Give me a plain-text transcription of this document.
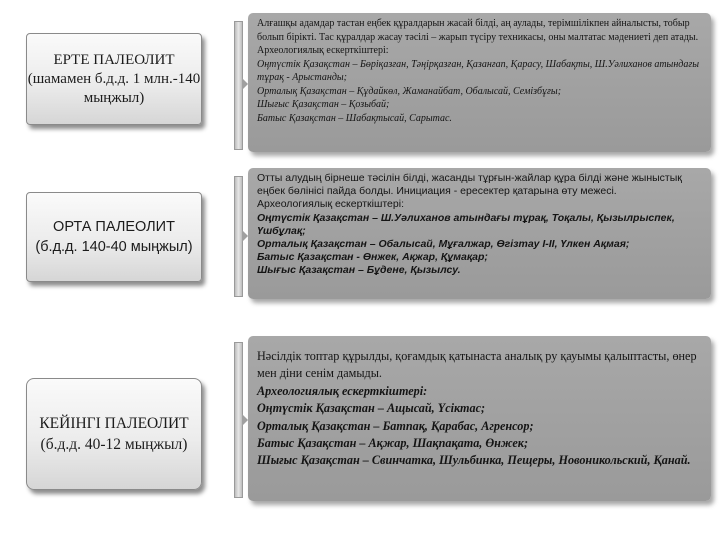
ЕРТЕ ПАЛЕОЛИТ
(шамамен б.д.д. 1 млн.-140 мыңжыл)

Алғашқы адамдар тастан еңбек құралдарын жасай білді, аң аулады, терімшілікпен айналысты, тобыр болып бірікті. Тас құралдар жасау тәсілі – жарып түсіру техникасы, оны малтатас мәдениеті деп атады.

Археологиялық ескерткіштері:

Оңтүстік Қазақстан – Бөріқазған, Тәңірқазған, Қазанғап, Қарасу, Шабақты, Ш.Уәлиханов атындағы тұрақ - Арыстанды;

Орталық Қазақстан – Құдайкөл, Жаманайбат, Обалысай, Семізбұғы;

Шығыс Қазақстан – Қозыбай;

Батыс Қазақстан – Шабақтысай, Сарытас.

ОРТА ПАЛЕОЛИТ
(б.д.д. 140-40 мыңжыл)

Отты алудың бірнеше тәсілін білді, жасанды тұрғын-жайлар құра білді және жыныстық еңбек бөлінісі пайда болды. Инициация - ересектер қатарына өту межесі.

Археологиялық ескерткіштері:

Оңтүстік Қазақстан – Ш.Уәлиханов атындағы тұрақ, Тоқалы, Қызылрыспек, Үшбұлақ;

Орталық Қазақстан – Обалысай, Мұғалжар, Өгізтау I-II, Үлкен Ақмая;

Батыс Қазақстан - Өнжек, Ақжар, Құмақар;

Шығыс Қазақстан – Бұдене, Қызылсу.

КЕЙІНГІ ПАЛЕОЛИТ
(б.д.д. 40-12 мыңжыл)

Нәсілдік топтар құрылды, қоғамдық қатынаста аналық ру қауымы қалыптасты, өнер мен діни сенім дамыды.

Археологиялық ескерткіштері:

Оңтүстік Қазақстан – Ащысай, Үсіктас;

Орталық Қазақстан – Батпақ, Қарабас, Агренсор;

Батыс Қазақстан – Ақжар, Шақпақата, Өнжек;

Шығыс Қазақстан – Свинчатка, Шульбинка, Пещеры, Новоникольский, Қанай.
